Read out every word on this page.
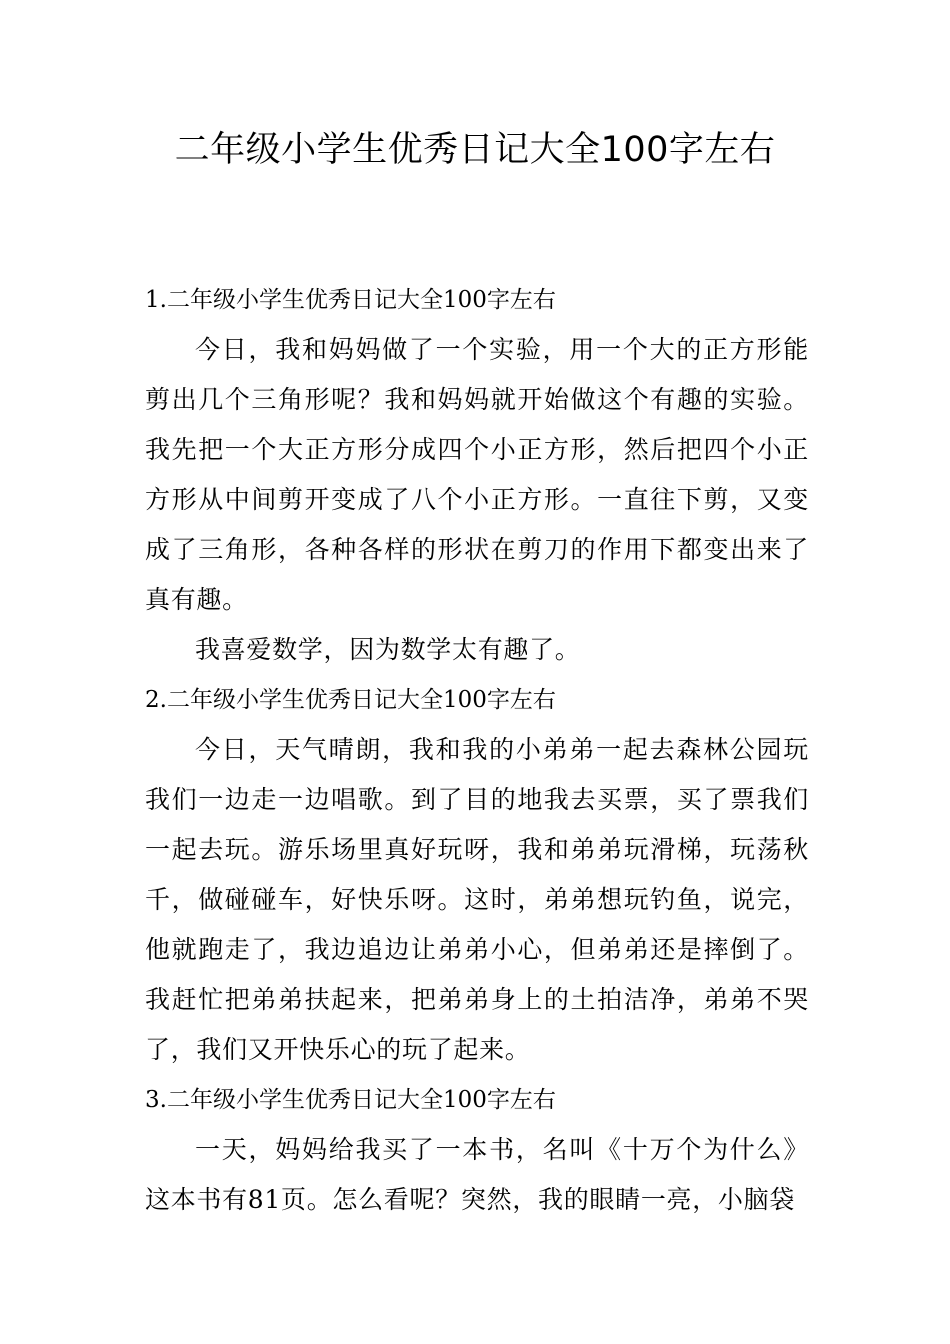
二年级小学生优秀日记大全100字左右

1.二年级小学生优秀日记大全100字左右

今日，我和妈妈做了一个实验，用一个大的正方形能剪出几个三角形呢？我和妈妈就开始做这个有趣的实验。我先把一个大正方形分成四个小正方形，然后把四个小正方形从中间剪开变成了八个小正方形。一直往下剪，又变成了三角形，各种各样的形状在剪刀的作用下都变出来了真有趣。

我喜爱数学，因为数学太有趣了。

2.二年级小学生优秀日记大全100字左右

今日，天气晴朗，我和我的小弟弟一起去森林公园玩我们一边走一边唱歌。到了目的地我去买票，买了票我们一起去玩。游乐场里真好玩呀，我和弟弟玩滑梯，玩荡秋千，做碰碰车，好快乐呀。这时，弟弟想玩钓鱼，说完，他就跑走了，我边追边让弟弟小心，但弟弟还是摔倒了。我赶忙把弟弟扶起来，把弟弟身上的土拍洁净，弟弟不哭了，我们又开快乐心的玩了起来。

3.二年级小学生优秀日记大全100字左右

一天，妈妈给我买了一本书，名叫《十万个为什么》这本书有81页。怎么看呢？突然，我的眼睛一亮，小脑袋
